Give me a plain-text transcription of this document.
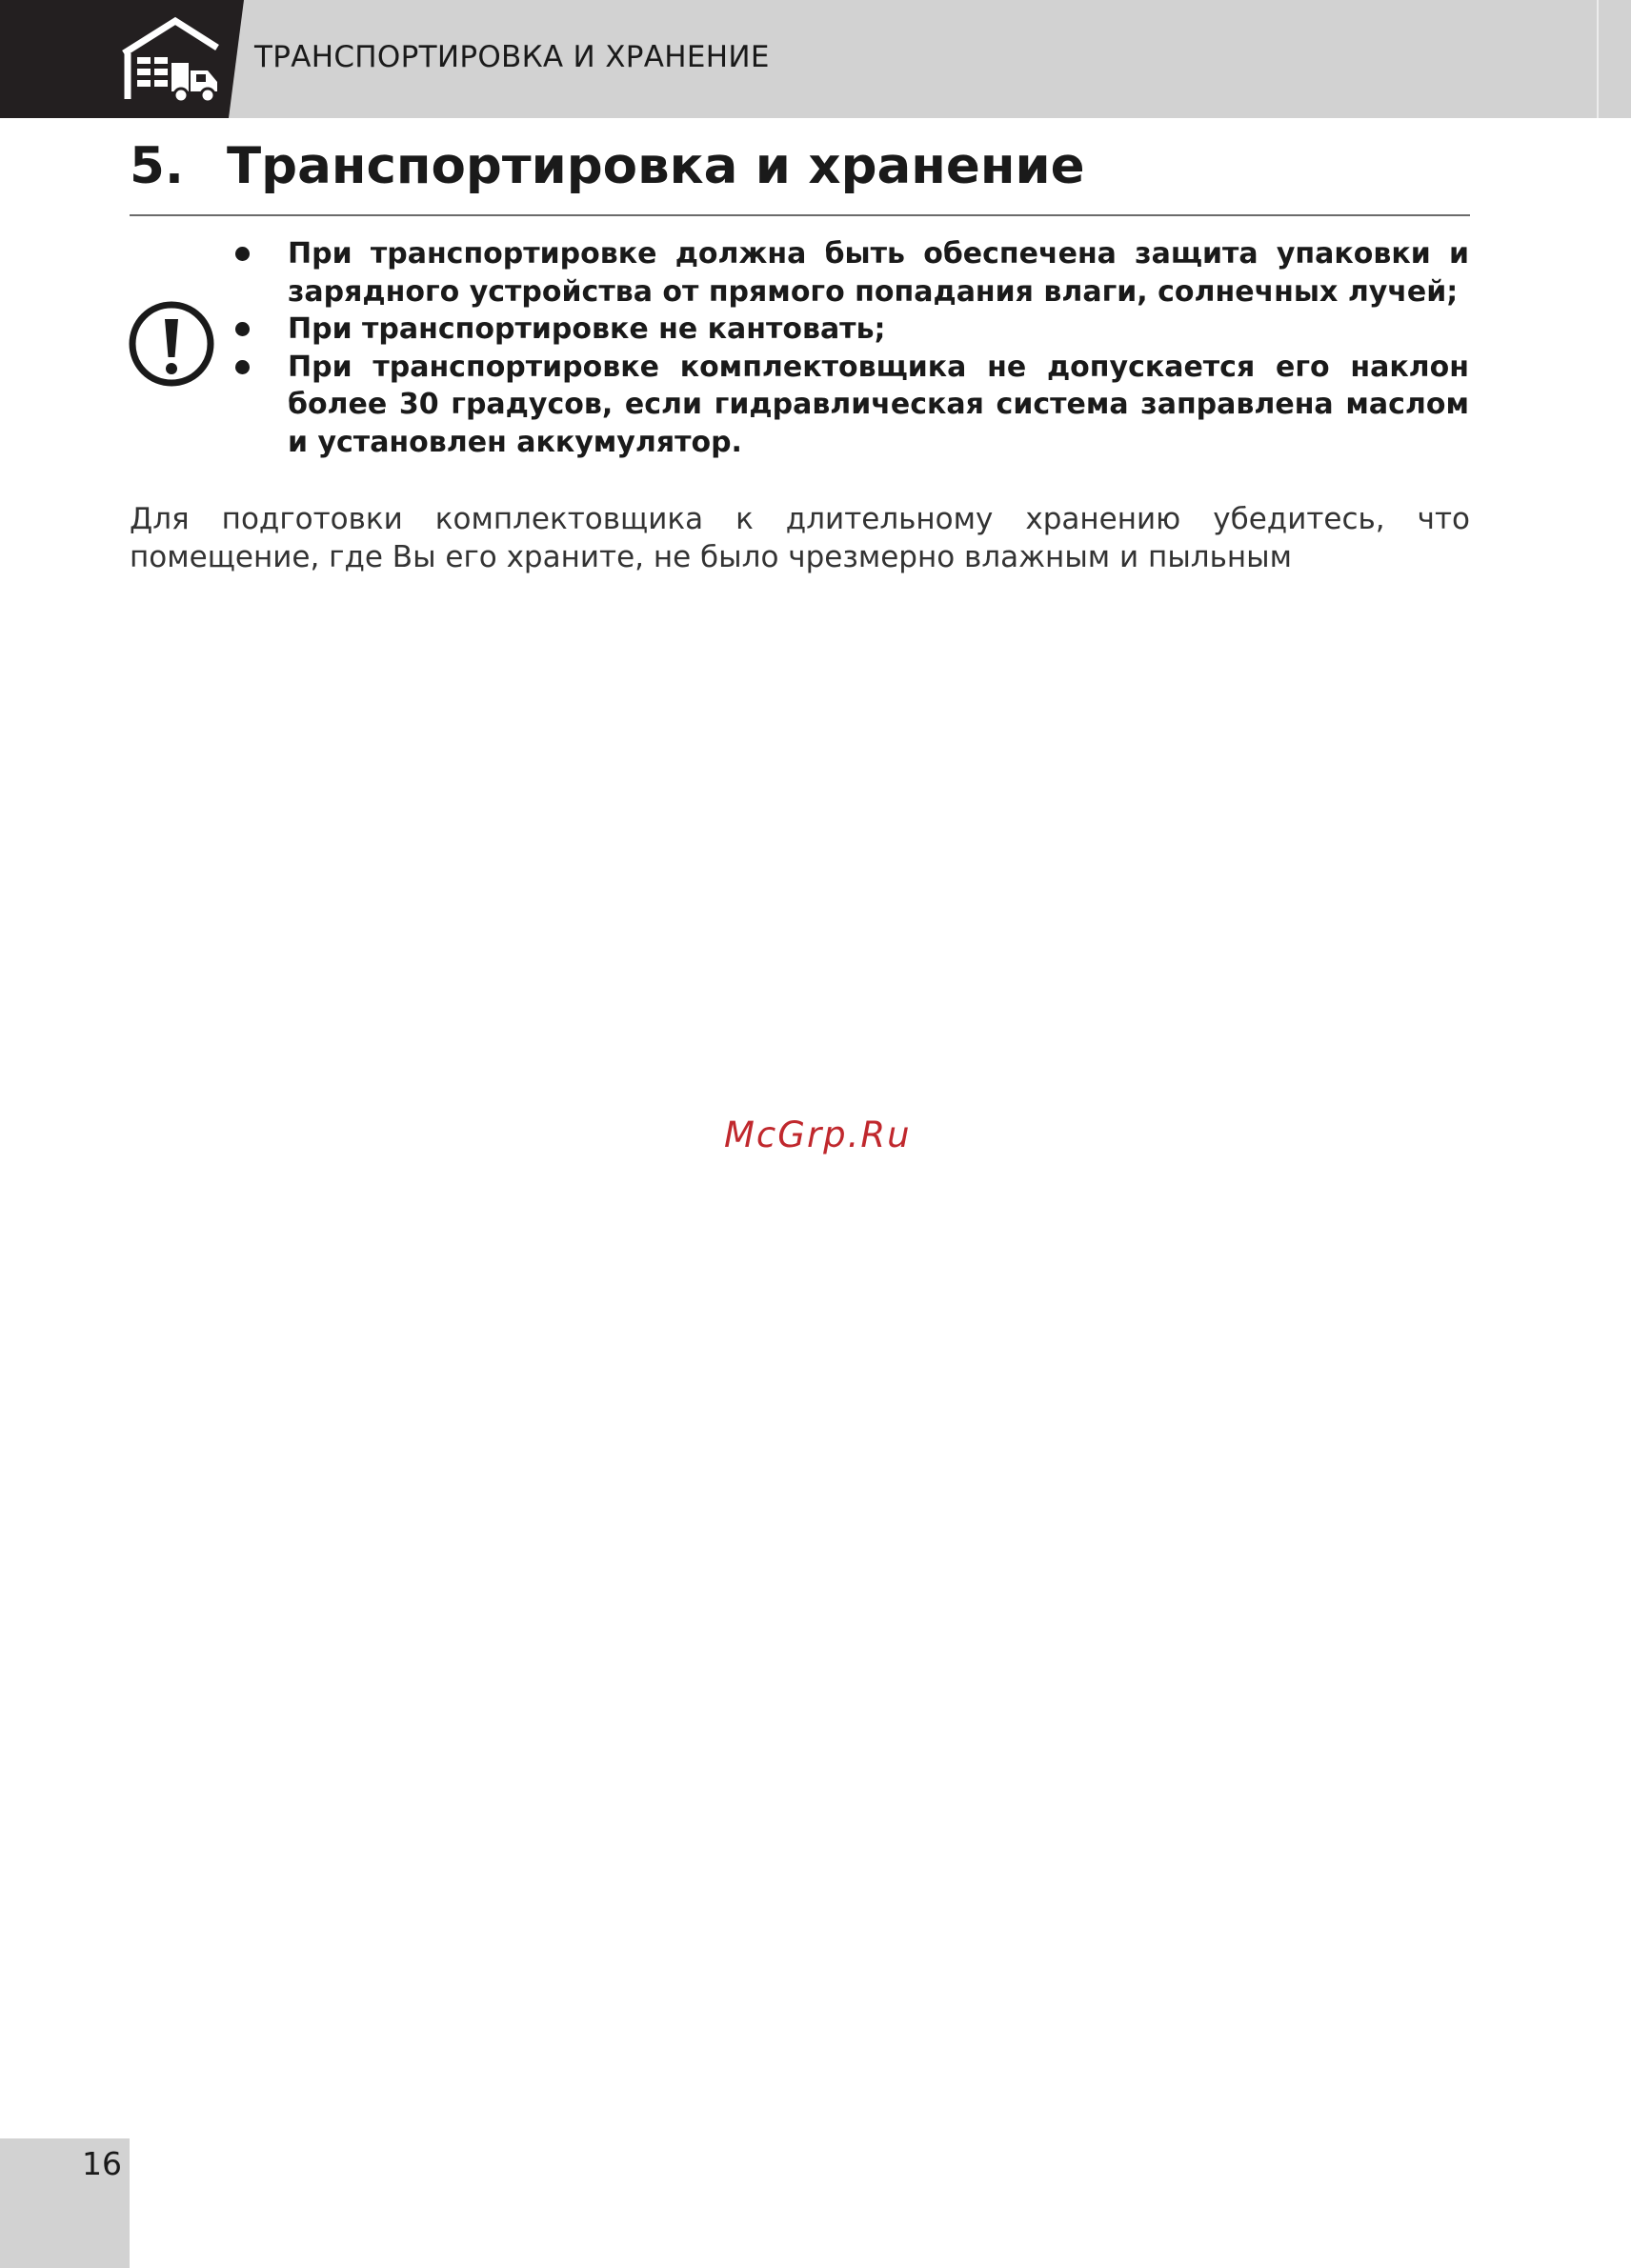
ТРАНСПОРТИРОВКА И ХРАНЕНИЕ
5. Транспортировка и хранение
При транспортировке должна быть обеспечена защита упаковки и зарядного устройства от прямого попадания влаги, солнечных лучей;
При транспортировке не кантовать;
При транспортировке комплектовщика не допускается его наклон более 30 градусов, если гидравлическая система заправлена маслом и установлен аккумулятор.

Для подготовки комплектовщика к длительному хранению убедитесь, что помещение, где Вы его храните, не было чрезмерно влажным и пыльным

McGrp.Ru
16
